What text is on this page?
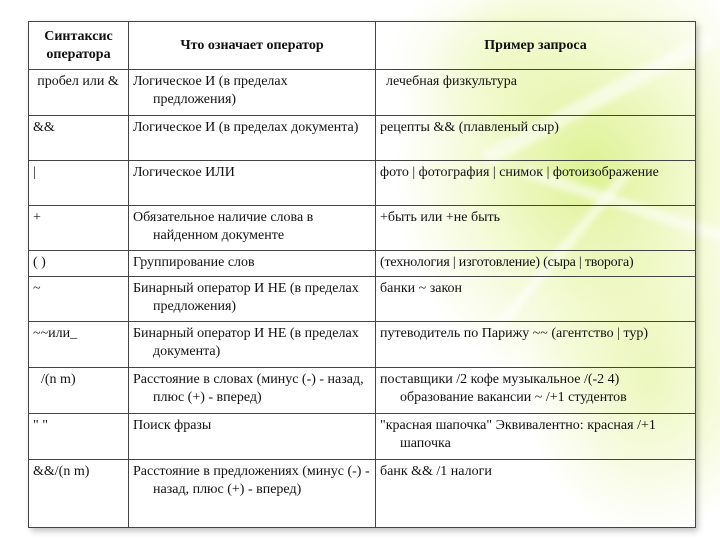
Синтаксис оператора	Что означает оператор	Пример запроса
пробел или &	Логическое И (в пределах предложения)	лечебная физкультура
&&	Логическое И (в пределах документа)	рецепты && (плавленый сыр)
|	Логическое ИЛИ	фото | фотография | снимок | фотоизображение
+	Обязательное наличие слова в найденном документе	+быть или +не быть
( )	Группирование слов	(технология | изготовление) (сыра | творога)
~	Бинарный оператор И НЕ (в пределах предложения)	банки ~ закон
~~или_	Бинарный оператор И НЕ (в пределах документа)	путеводитель по Парижу ~~ (агентство | тур)
/(n m)	Расстояние в словах (минус (-) - назад, плюс (+) - вперед)	поставщики /2 кофе музыкальное /(-2 4) образование вакансии ~ /+1 студентов
" "	Поиск фразы	"красная шапочка" Эквивалентно: красная /+1 шапочка
&&/(n m)	Расстояние в предложениях (минус (-) - назад, плюс (+) - вперед)	банк && /1 налоги
